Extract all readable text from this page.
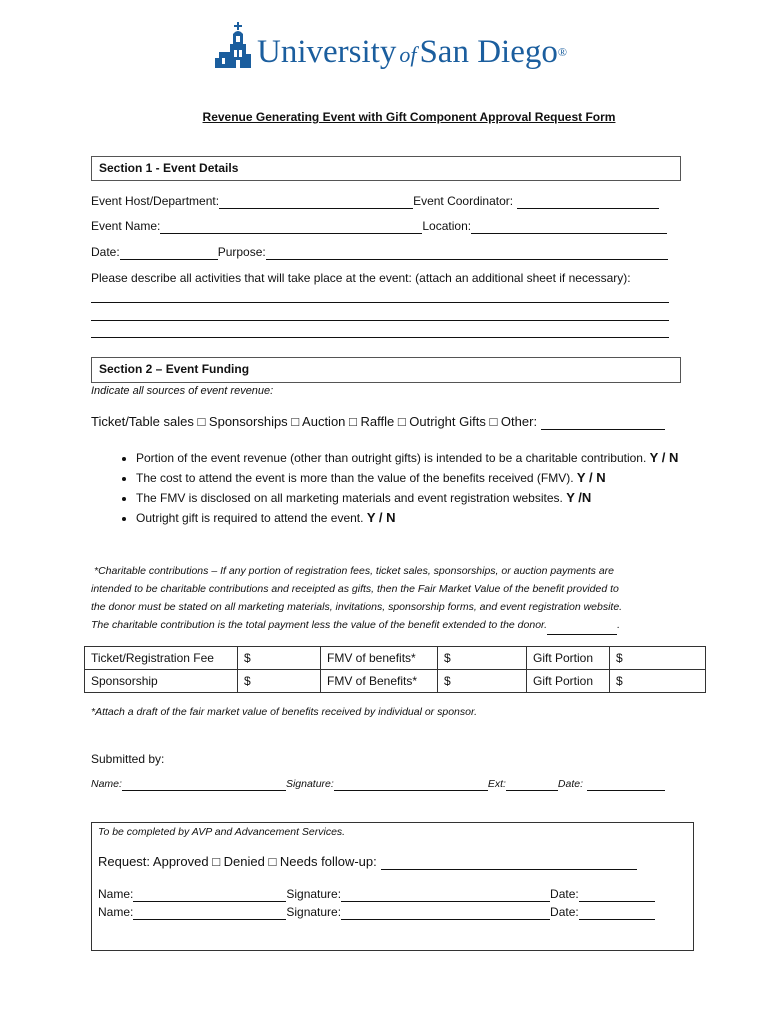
University ofSan Diego®
Revenue Generating Event with Gift Component Approval Request Form
Section 1 - Event Details
Event Host/Department:	Event Coordinator:
Event Name:	Location:
Date:	Purpose:
Please describe all activities that will take place at the event: (attach an additional sheet if necessary):
Section 2 – Event Funding
Indicate all sources of event revenue:
Ticket/Table sales □ Sponsorships □ Auction □ Raffle □ Outright Gifts □ Other:
• Portion of the event revenue (other than outright gifts) is intended to be a charitable contribution. Y / N
• The cost to attend the event is more than the value of the benefits received (FMV). Y / N
• The FMV is disclosed on all marketing materials and event registration websites. Y /N
• Outright gift is required to attend the event. Y / N
*Charitable contributions – If any portion of registration fees, ticket sales, sponsorships, or auction payments are
intended to be charitable contributions and receipted as gifts, then the Fair Market Value of the benefit provided to
the donor must be stated on all marketing materials, invitations, sponsorship forms, and event registration website.
The charitable contribution is the total payment less the value of the benefit extended to the donor.	.
Ticket/Registration Fee	$	FMV of benefits*	$	Gift Portion	$
Sponsorship	$	FMV of Benefits*	$	Gift Portion	$
*Attach a draft of the fair market value of benefits received by individual or sponsor.
Submitted by:
Name:	Signature:	Ext:	Date:
To be completed by AVP and Advancement Services.
Request: Approved □ Denied □ Needs follow-up:
Name:	Signature:	Date:
Name:	Signature:	Date:
